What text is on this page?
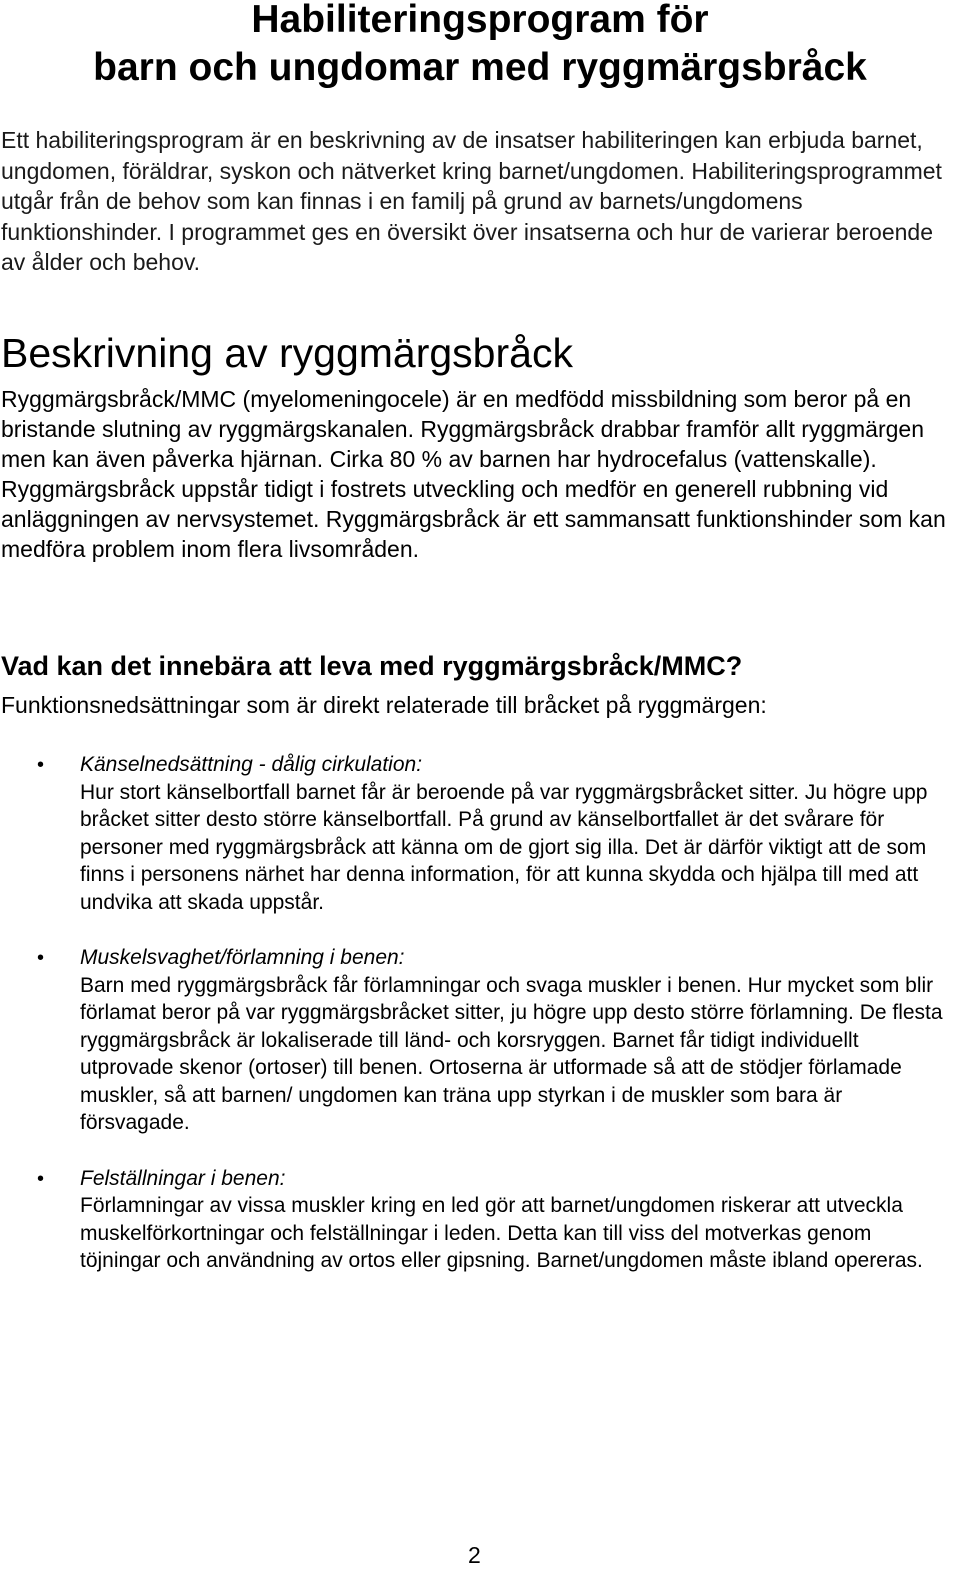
Habiliteringsprogram för
barn och ungdomar med ryggmärgsbråck

Ett habiliteringsprogram är en beskrivning av de insatser habiliteringen kan erbjuda barnet, ungdomen, föräldrar, syskon och nätverket kring barnet/ungdomen. Habiliteringsprogrammet utgår från de behov som kan finnas i en familj på grund av barnets/ungdomens funktionshinder. I programmet ges en översikt över insatserna och hur de varierar beroende av ålder och behov.

Beskrivning av ryggmärgsbråck

Ryggmärgsbråck/MMC (myelomeningocele) är en medfödd missbildning som beror på en bristande slutning av ryggmärgskanalen. Ryggmärgsbråck drabbar framför allt ryggmärgen men kan även påverka hjärnan. Cirka 80 % av barnen har hydrocefalus (vattenskalle). Ryggmärgsbråck uppstår tidigt i fostrets utveckling och medför en generell rubbning vid anläggningen av nervsystemet. Ryggmärgsbråck är ett sammansatt funktionshinder som kan medföra problem inom flera livsområden.

Vad kan det innebära att leva med ryggmärgsbråck/MMC?

Funktionsnedsättningar som är direkt relaterade till bråcket på ryggmärgen:

• Känselnedsättning - dålig cirkulation:
Hur stort känselbortfall barnet får är beroende på var ryggmärgsbråcket sitter. Ju högre upp bråcket sitter desto större känselbortfall. På grund av känselbortfallet är det svårare för personer med ryggmärgsbråck att känna om de gjort sig illa. Det är därför viktigt att de som finns i personens närhet har denna information, för att kunna skydda och hjälpa till med att undvika att skada uppstår.
• Muskelsvaghet/förlamning i benen:
Barn med ryggmärgsbråck får förlamningar och svaga muskler i benen. Hur mycket som blir förlamat beror på var ryggmärgsbråcket sitter, ju högre upp desto större förlamning. De flesta ryggmärgsbråck är lokaliserade till länd- och korsryggen. Barnet får tidigt individuellt utprovade skenor (ortoser) till benen. Ortoserna är utformade så att de stödjer förlamade muskler, så att barnen/ ungdomen kan träna upp styrkan i de muskler som bara är försvagade.
• Felställningar i benen:
Förlamningar av vissa muskler kring en led gör att barnet/ungdomen riskerar att utveckla muskelförkortningar och felställningar i leden. Detta kan till viss del motverkas genom töjningar och användning av ortos eller gipsning. Barnet/ungdomen måste ibland opereras.
2
